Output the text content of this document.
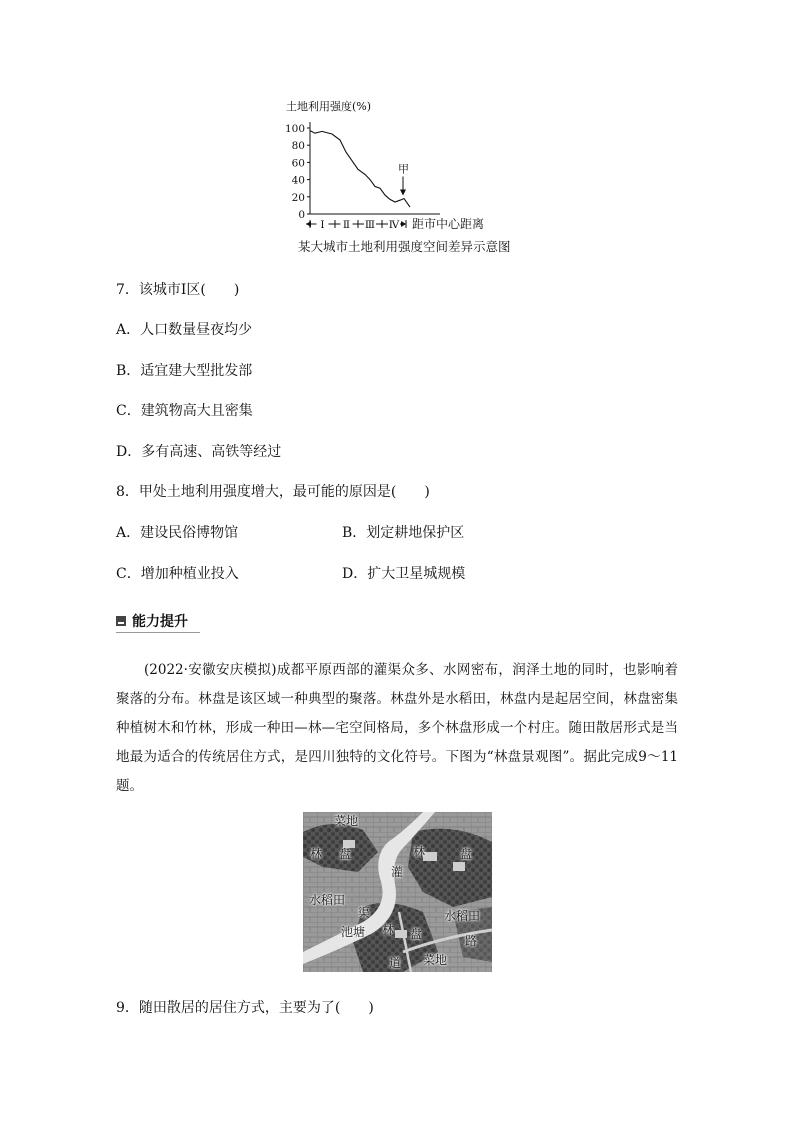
土地利用强度(%)
0
20
40
60
80
100
Ⅰ Ⅱ Ⅲ Ⅳ
甲
距市中心距离
某大城市土地利用强度空间差异示意图
7．该城市Ⅰ区(　　)
A．人口数量昼夜均少
B．适宜建大型批发部
C．建筑物高大且密集
D．多有高速、高铁等经过
8．甲处土地利用强度增大，最可能的原因是(　　)
A．建设民俗博物馆	B．划定耕地保护区
C．增加种植业投入	D．扩大卫星城规模
能力提升
(2022·安徽安庆模拟)成都平原西部的灌渠众多、水网密布，润泽土地的同时，也影响着聚落的分布。林盘是该区域一种典型的聚落。林盘外是水稻田，林盘内是起居空间，林盘密集种植树木和竹林，形成一种田—林—宅空间格局，多个林盘形成一个村庄。随田散居形式是当地最为适合的传统居住方式，是四川独特的文化符号。下图为“林盘景观图”。据此完成9～11题。
菜地
林 盘	林	盘
灌
水稻田
渠	水稻田
池塘 林 盘	路
道 菜地
9．随田散居的居住方式，主要为了(　　)
